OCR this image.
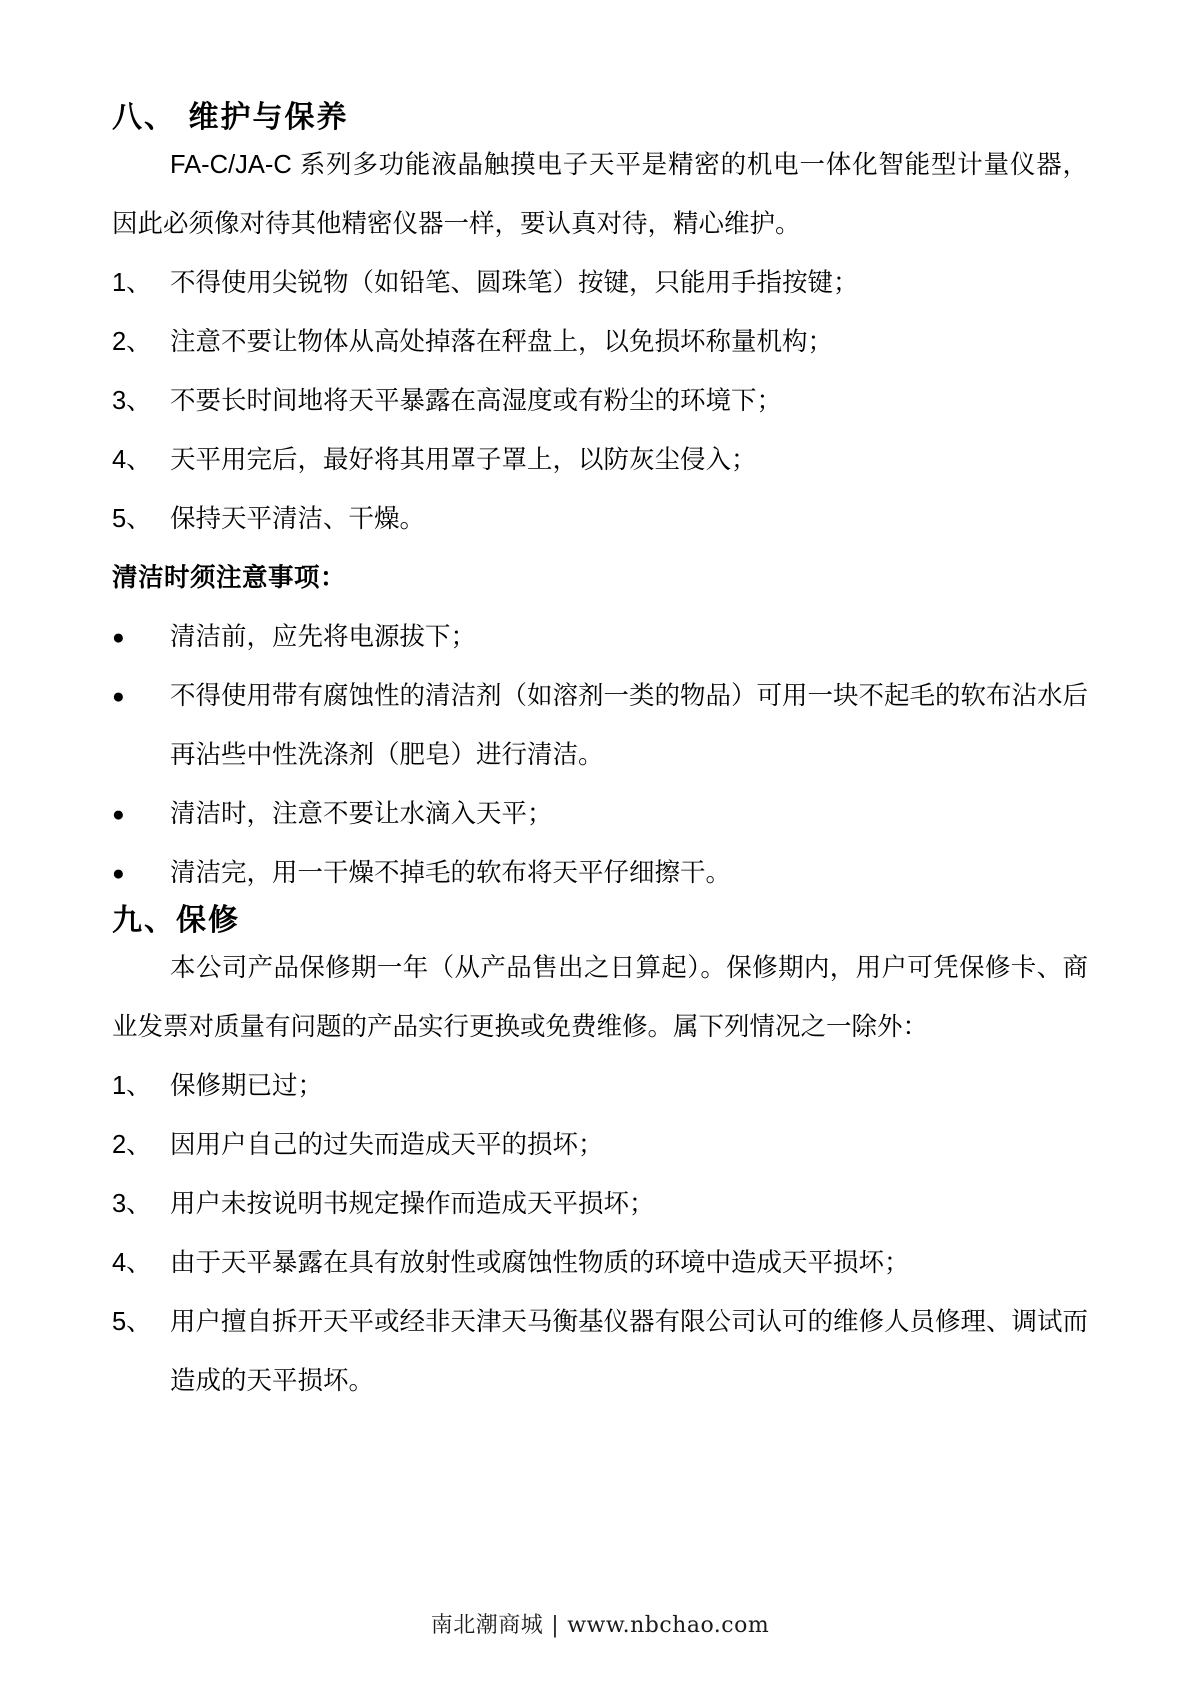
八、 维护与保养

FA-C/JA-C 系列多功能液晶触摸电子天平是精密的机电一体化智能型计量仪器，因此必须像对待其他精密仪器一样，要认真对待，精心维护。

1、 不得使用尖锐物（如铅笔、圆珠笔）按键，只能用手指按键；
2、 注意不要让物体从高处掉落在秤盘上，以免损坏称量机构；
3、 不要长时间地将天平暴露在高湿度或有粉尘的环境下；
4、 天平用完后，最好将其用罩子罩上，以防灰尘侵入；
5、 保持天平清洁、干燥。

清洁时须注意事项：

●	清洁前，应先将电源拔下；
●	不得使用带有腐蚀性的清洁剂（如溶剂一类的物品）可用一块不起毛的软布沾水后再沾些中性洗涤剂（肥皂）进行清洁。
●	清洁时，注意不要让水滴入天平；
●	清洁完，用一干燥不掉毛的软布将天平仔细擦干。
九、保修

本公司产品保修期一年（从产品售出之日算起）。保修期内，用户可凭保修卡、商业发票对质量有问题的产品实行更换或免费维修。属下列情况之一除外：

1、 保修期已过；
2、 因用户自己的过失而造成天平的损坏；
3、 用户未按说明书规定操作而造成天平损坏；
4、 由于天平暴露在具有放射性或腐蚀性物质的环境中造成天平损坏；
5、 用户擅自拆开天平或经非天津天马衡基仪器有限公司认可的维修人员修理、调试而造成的天平损坏。
南北潮商城 | www.nbchao.com
